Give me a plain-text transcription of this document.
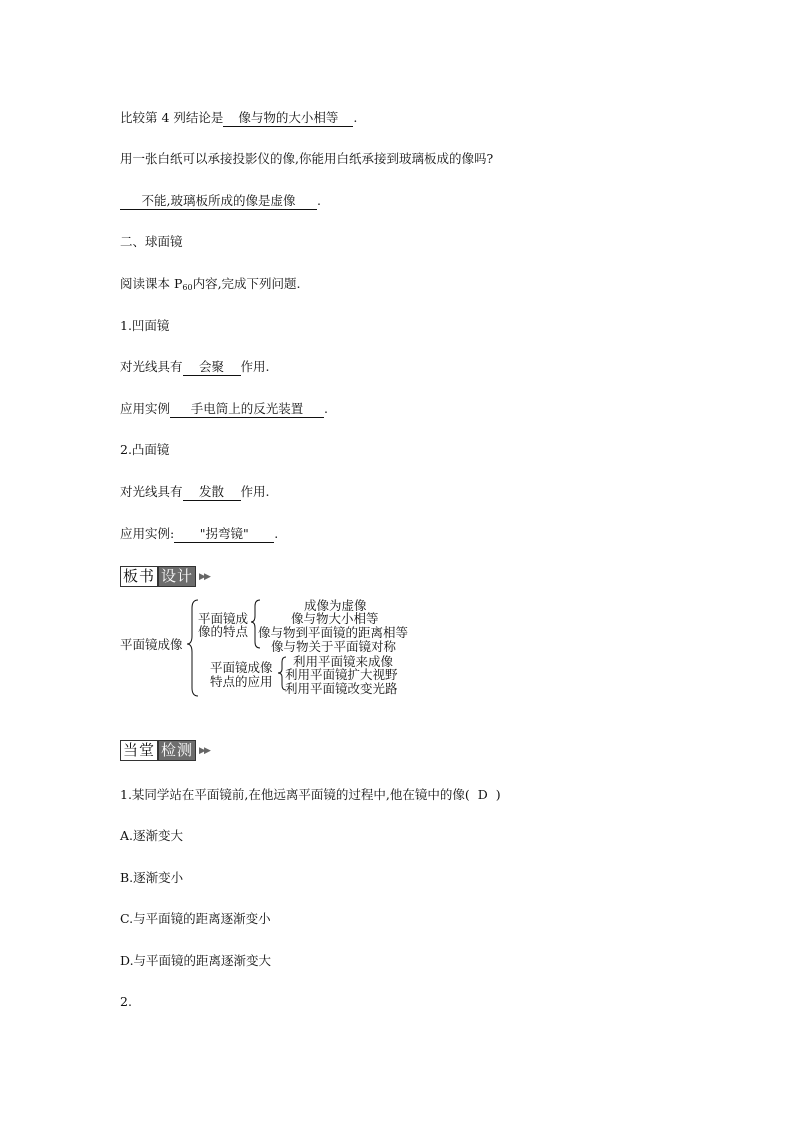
比较第 4 列结论是 像与物的大小相等 .
用一张白纸可以承接投影仪的像,你能用白纸承接到玻璃板成的像吗?
不能,玻璃板所成的像是虚像 .
二、球面镜
阅读课本 $P_{60}$内容,完成下列问题.
1.凹面镜
对光线具有 会聚 作用.
应用实例 手电筒上的反光装置 .
2.凸面镜
对光线具有 发散 作用.
应用实例: "拐弯镜" .
板书 设计 ▶▶
平面镜成像
平面镜成
像的特点
成像为虚像
像与物大小相等
像与物到平面镜的距离相等
像与物关于平面镜对称
平面镜成像
特点的应用
利用平面镜来成像
利用平面镜扩大视野
利用平面镜改变光路
当堂 检测 ▶▶
1.某同学站在平面镜前,在他远离平面镜的过程中,他在镜中的像( D )
A.逐渐变大
B.逐渐变小
C.与平面镜的距离逐渐变小
D.与平面镜的距离逐渐变大
2.
